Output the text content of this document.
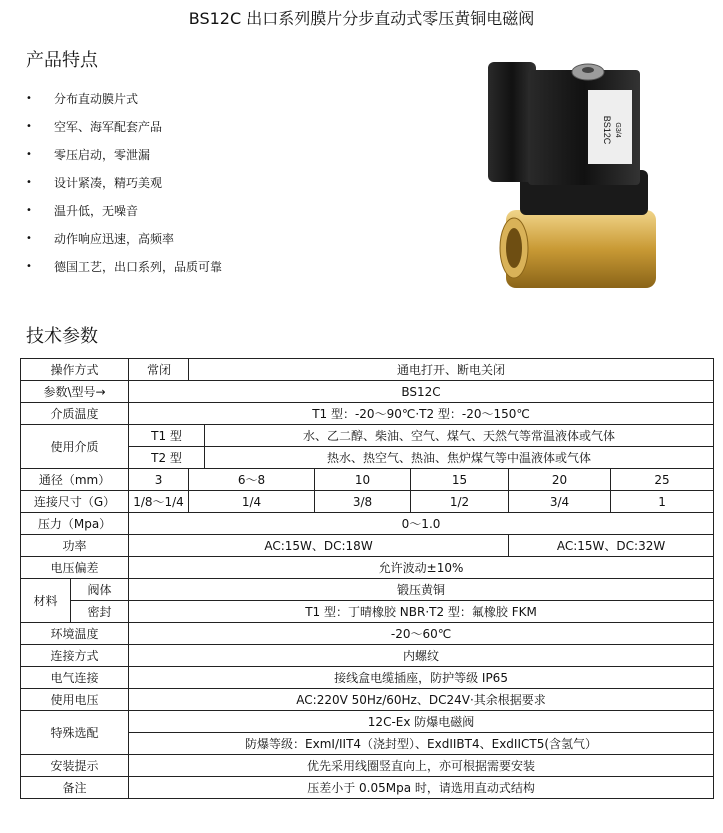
BS12C 出口系列膜片分步直动式零压黄铜电磁阀
产品特点
•	分布直动膜片式
•	空军、海军配套产品
•	零压启动，零泄漏
•	设计紧凑，精巧美观
•	温升低，无噪音
•	动作响应迅速，高频率
•	德国工艺，出口系列，品质可靠
BS12C G3/4
技术参数
操作方式		常闭	通电打开、断电关闭					
参数\型号→		BS12C						
介质温度		T1 型：-20～90℃·T2 型：-20～150℃						
使用介质		T1 型		水、乙二醇、柴油、空气、煤气、天然气等常温液体或气体				
		T2 型		热水、热空气、热油、焦炉煤气等中温液体或气体				
通径（mm）		3	6～8		10	15	20	25
连接尺寸（G）		1/8～1/4	1/4		3/8	1/2	3/4	1
压力（Mpa）		0～1.0						
功率		AC:15W、DC:18W					AC:15W、DC:32W	
电压偏差		允许波动±10%						
材料	阀体	锻压黄铜						
	密封	T1 型：丁晴橡胶 NBR·T2 型：氟橡胶 FKM						
环境温度		-20～60℃						
连接方式		内螺纹						
电气连接		接线盒电缆插座，防护等级 IP65						
使用电压		AC:220V 50Hz/60Hz、DC24V·其余根据要求						
特殊选配		12C-Ex 防爆电磁阀						
		防爆等级：ExmI/IIT4（浇封型）、ExdIIBT4、ExdIICT5(含氢气）						
安装提示		优先采用线圈竖直向上，亦可根据需要安装						
备注		压差小于 0.05Mpa 时，请选用直动式结构						
